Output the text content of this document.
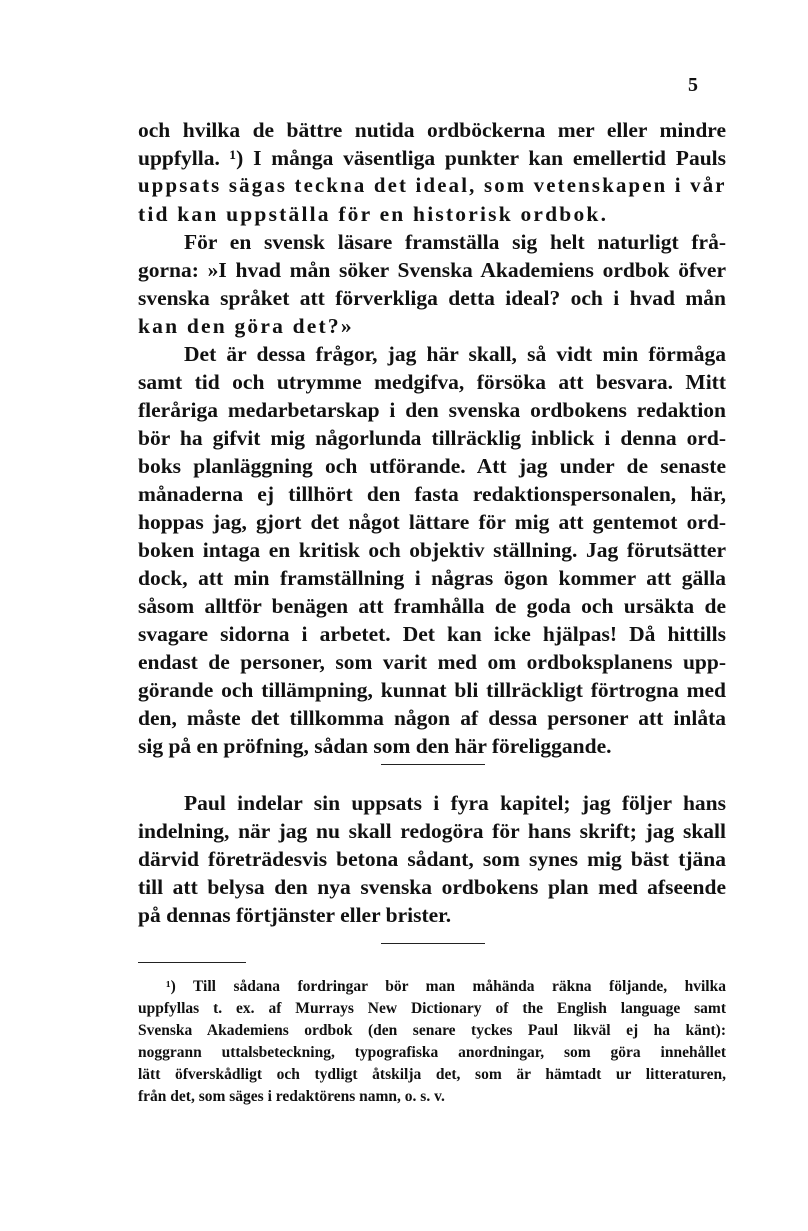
5
och hvilka de bättre nutida ordböckerna mer eller mindre
uppfylla. ¹) I många väsentliga punkter kan emellertid Pauls
uppsats sägas teckna det ideal, som vetenskapen i vår
tid kan uppställa för en historisk ordbok.
För en svensk läsare framställa sig helt naturligt frå-
gorna: »I hvad mån söker Svenska Akademiens ordbok öfver
svenska språket att förverkliga detta ideal? och i hvad mån
kan den göra det?»
Det är dessa frågor, jag här skall, så vidt min förmåga
samt tid och utrymme medgifva, försöka att besvara. Mitt
fleråriga medarbetarskap i den svenska ordbokens redaktion
bör ha gifvit mig någorlunda tillräcklig inblick i denna ord-
boks planläggning och utförande. Att jag under de senaste
månaderna ej tillhört den fasta redaktionspersonalen, här,
hoppas jag, gjort det något lättare för mig att gentemot ord-
boken intaga en kritisk och objektiv ställning. Jag förutsätter
dock, att min framställning i någras ögon kommer att gälla
såsom alltför benägen att framhålla de goda och ursäkta de
svagare sidorna i arbetet. Det kan icke hjälpas! Då hittills
endast de personer, som varit med om ordboksplanens upp-
görande och tillämpning, kunnat bli tillräckligt förtrogna med
den, måste det tillkomma någon af dessa personer att inlåta
sig på en pröfning, sådan som den här föreliggande.
Paul indelar sin uppsats i fyra kapitel; jag följer hans
indelning, när jag nu skall redogöra för hans skrift; jag skall
därvid företrädesvis betona sådant, som synes mig bäst tjäna
till att belysa den nya svenska ordbokens plan med afseende
på dennas förtjänster eller brister.
¹) Till sådana fordringar bör man måhända räkna följande, hvilka
uppfyllas t. ex. af Murrays New Dictionary of the English language samt
Svenska Akademiens ordbok (den senare tyckes Paul likväl ej ha känt):
noggrann uttalsbeteckning, typografiska anordningar, som göra innehållet
lätt öfverskådligt och tydligt åtskilja det, som är hämtadt ur litteraturen,
från det, som säges i redaktörens namn, o. s. v.
